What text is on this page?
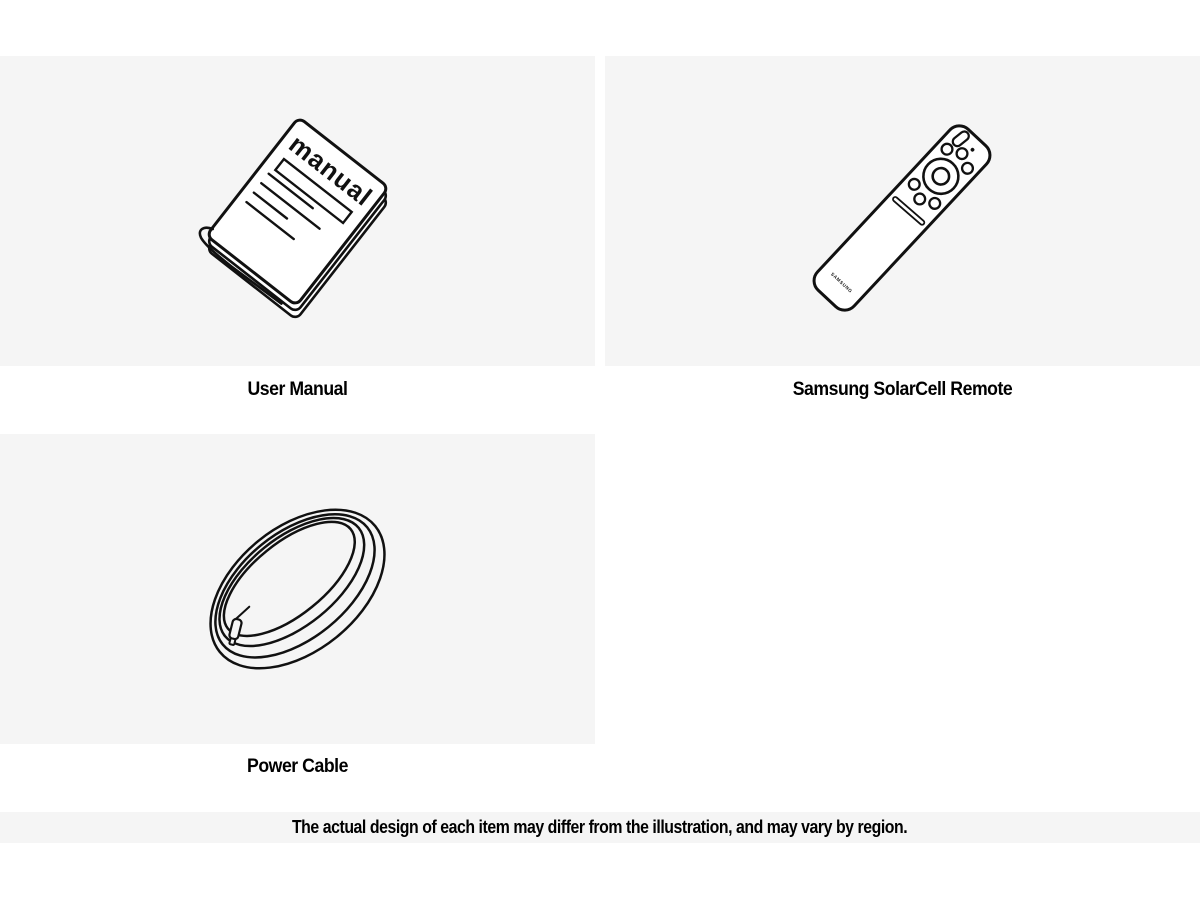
manual
SAMSUNG
User Manual	Samsung SolarCell Remote
Power Cable
The actual design of each item may differ from the illustration, and may vary by region.
